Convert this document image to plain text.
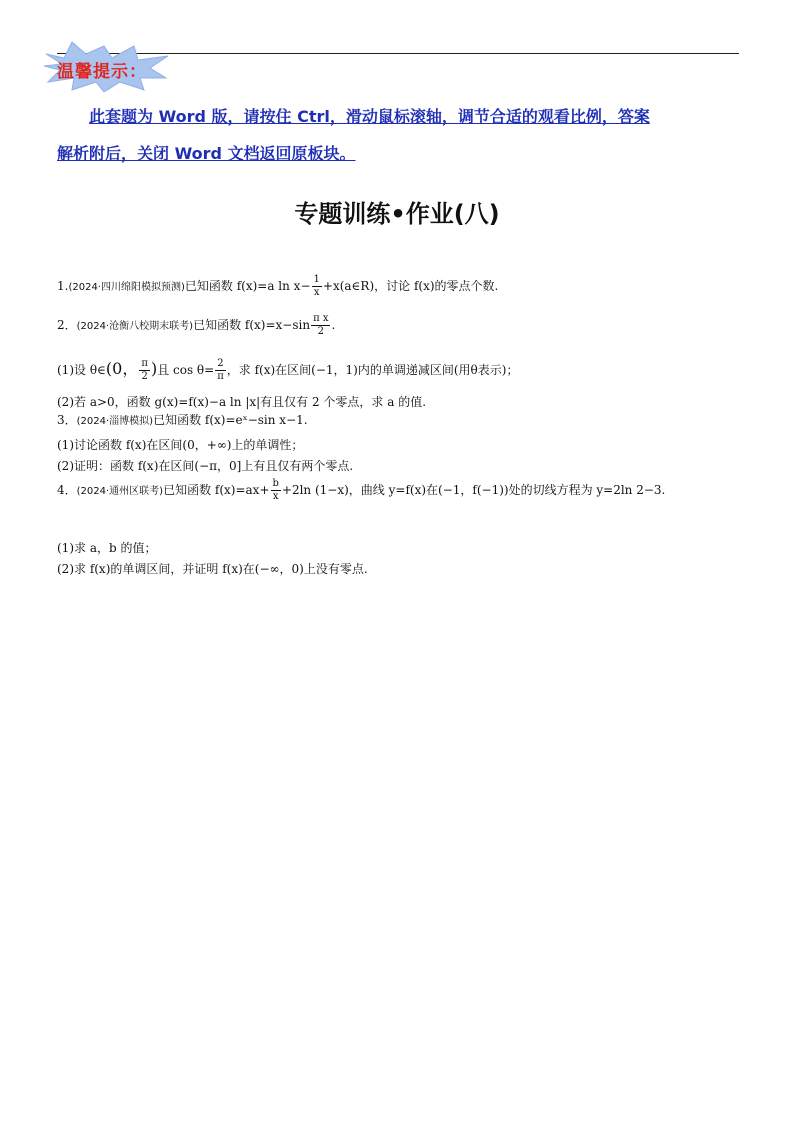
温馨提示：
此套题为 Word 版，请按住 Ctrl，滑动鼠标滚轴，调节合适的观看比例，答案
解析附后，关闭 Word 文档返回原板块。
专题训练•作业(八)
1.(2024·四川绵阳模拟预测)已知函数 f(x)=a $\ln x- \frac{1}{x}$ +x(a∈R)，讨论 f(x)的零点个数.
2．(2024·沧衡八校期末联考)已知函数 $f(x)=x-\sin \frac{\text{π x}}{2}$ .
(1)设 θ∈(0， $\frac{\pi}{2}$ )且 $\cos \theta= \frac{2}{\pi}$ ，求 f(x)在区间(−1，1)内的单调递减区间(用θ表示)；
(2)若 a>0，函数 g(x)=f(x)−a ln |x|有且仅有 2 个零点，求 a 的值.
3．(2024·淄博模拟)已知函数 f(x)=eˣ−sin x−1.
(1)讨论函数 f(x)在区间(0，+∞)上的单调性；
(2)证明：函数 f(x)在区间(−π，0]上有且仅有两个零点.
4．(2024·通州区联考)已知函数 $f(x)=ax+ \frac{b}{x} +2\ln$ (1−x)，曲线 y=f(x)在(−1，f(−1))处的切线方程为 y=2ln 2−3.
(1)求 a，b 的值；
(2)求 f(x)的单调区间，并证明 f(x)在(−∞，0)上没有零点.
